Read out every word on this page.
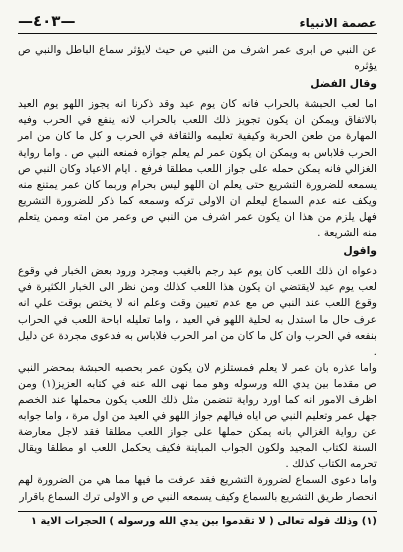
عصمة الانبياء
—٤٠٣—

عن النبي ص ابرى عمر اشرف من النبي ص حيث لايؤثر سماع الباطل والنبي ص يؤثره

وقال الفضل

اما لعب الحبشة بالحراب فانه كان يوم عيد وقد ذكرنا انه يجوز اللهو يوم العيد بالاتفاق ويمكن ان يكون تجويز ذلك اللعب بالحراب لانه ينفع في الحرب وفيه المهارة من طعن الحربة وكيفية تعليمه والثقافة في الحرب و كل ما كان من امر الحرب فلاباس به ويمكن ان يكون عمر لم يعلم جوازه فمنعه النبي ص . واما رواية الغزالي فانه يمكن حمله على جواز اللعب مطلقا فرفع . ايام الاعياد وكان النبي ص يسمعه للضرورة التشريع حتى يعلم ان اللهو ليس بحرام وربما كان عمر يمتنع منه ويكف عنه عدم السماع ليعلم ان الاولى تركه وسمعه كما ذكر للضرورة التشريع فهل يلزم من هذا ان يكون عمر اشرف من النبي ص وعمر من امته وممن يتعلم منه الشريعة .

واقول

دعواه ان ذلك اللعب كان يوم عيد رجم بالغيب ومجرد ورود بعض الخبار في وقوع لعب يوم عيد لايقتضي ان يكون هذا اللعب كذلك ومن نظر الى الخبار الكثيرة في وقوع اللعب عند النبي ص مع عدم تعيين وقت وعلم انه لا يختص بوقت علي انه عرف حال ما استدل به لحلية اللهو في العيد ، واما تعليله اباحة اللعب في الحراب بنفعه في الحرب وان كل ما كان من امر الحرب فلاباس به فدعوى مجردة عن دليل .

واما عذره بان عمر لا يعلم فمستلزم لان يكون عمر بحصبه الحبشة بمحضر النبي ص مقدما بين يدي الله ورسوله وهو مما نهى الله عنه في كتابه العزيز(١) ومن اظرف الامور انه كما اورد رواية تتضمن مثل ذلك اللعب يكون محملها عند الخصم جهل عمر وتعليم النبي ص اياه فيالهم جواز اللهو في العيد من اول مرة ، واما جوابه عن رواية الغزالي بانه يمكن حملها على جواز اللعب مطلقا فقد لاجل معارضة السنة لكتاب المجيد ولكون الجواب المباينة فكيف يحكمل اللعب او مطلقا ويقال تحرمه الكتاب كذلك .

واما دعوى السماع لضرورة التشريع فقد عرفت ما فيها مما هي من الضرورة لهم انحصار طريق التشريع بالسماع وكيف يسمعه النبي ص و الاولى ترك السماع باقرار

(١) وذلك قوله تعالى ( لا تقدموا بين يدي الله ورسوله ) الحجرات الاية ١
